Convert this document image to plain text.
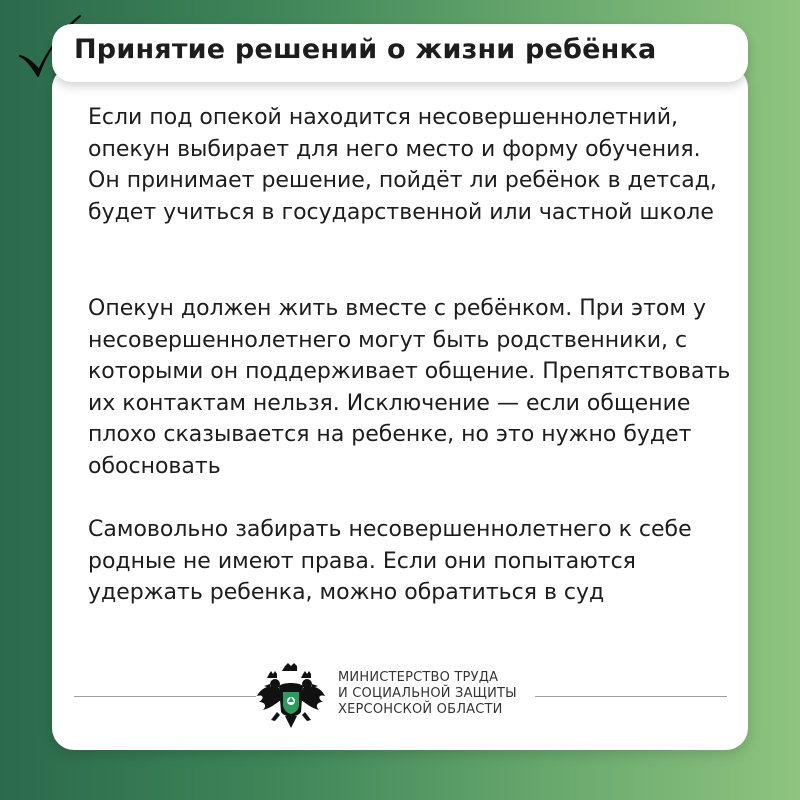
Принятие решений о жизни ребёнка

Если под опекой находится несовершеннолетний, опекун выбирает для него место и форму обучения. Он принимает решение, пойдёт ли ребёнок в детсад, будет учиться в государственной или частной школе

Опекун должен жить вместе с ребёнком. При этом у несовершеннолетнего могут быть родственники, с которыми он поддерживает общение. Препятствовать их контактам нельзя. Исключение — если общение плохо сказывается на ребенке, но это нужно будет обосновать

Самовольно забирать несовершеннолетнего к себе родные не имеют права. Если они попытаются удержать ребенка, можно обратиться в суд

МИНИСТЕРСТВО ТРУДА
И СОЦИАЛЬНОЙ ЗАЩИТЫ
ХЕРСОНСКОЙ ОБЛАСТИ
